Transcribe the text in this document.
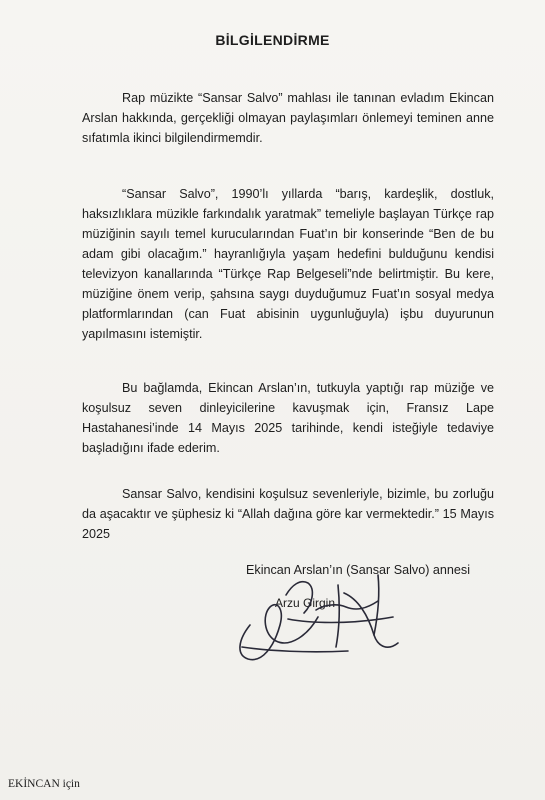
BİLGİLENDİRME
Rap müzikte “Sansar Salvo” mahlası ile tanınan evladım Ekincan Arslan hakkında, gerçekliği olmayan paylaşımları önlemeyi teminen anne sıfatımla ikinci bilgilendirmemdir.
“Sansar Salvo”, 1990’lı yıllarda “barış, kardeşlik, dostluk, haksızlıklara müzikle farkındalık yaratmak” temeliyle başlayan Türkçe rap müziğinin sayılı temel kurucularından Fuat’ın bir konserinde “Ben de bu adam gibi olacağım.” hayranlığıyla yaşam hedefini bulduğunu kendisi televizyon kanallarında “Türkçe Rap Belgeseli”nde belirtmiştir. Bu kere, müziğine önem verip, şahsına saygı duyduğumuz Fuat’ın sosyal medya platformlarından (can Fuat abisinin uygunluğuyla) işbu duyurunun yapılmasını istemiştir.
Bu bağlamda, Ekincan Arslan’ın, tutkuyla yaptığı rap müziğe ve koşulsuz seven dinleyicilerine kavuşmak için, Fransız Lape Hastahanesi’inde 14 Mayıs 2025 tarihinde, kendi isteğiyle tedaviye başladığını ifade ederim.
Sansar Salvo, kendisini koşulsuz sevenleriyle, bizimle, bu zorluğu da aşacaktır ve şüphesiz ki “Allah dağına göre kar vermektedir.” 15 Mayıs 2025
Ekincan Arslan’ın (Sansar Salvo) annesi
Arzu Girgin
EKİNCAN için
